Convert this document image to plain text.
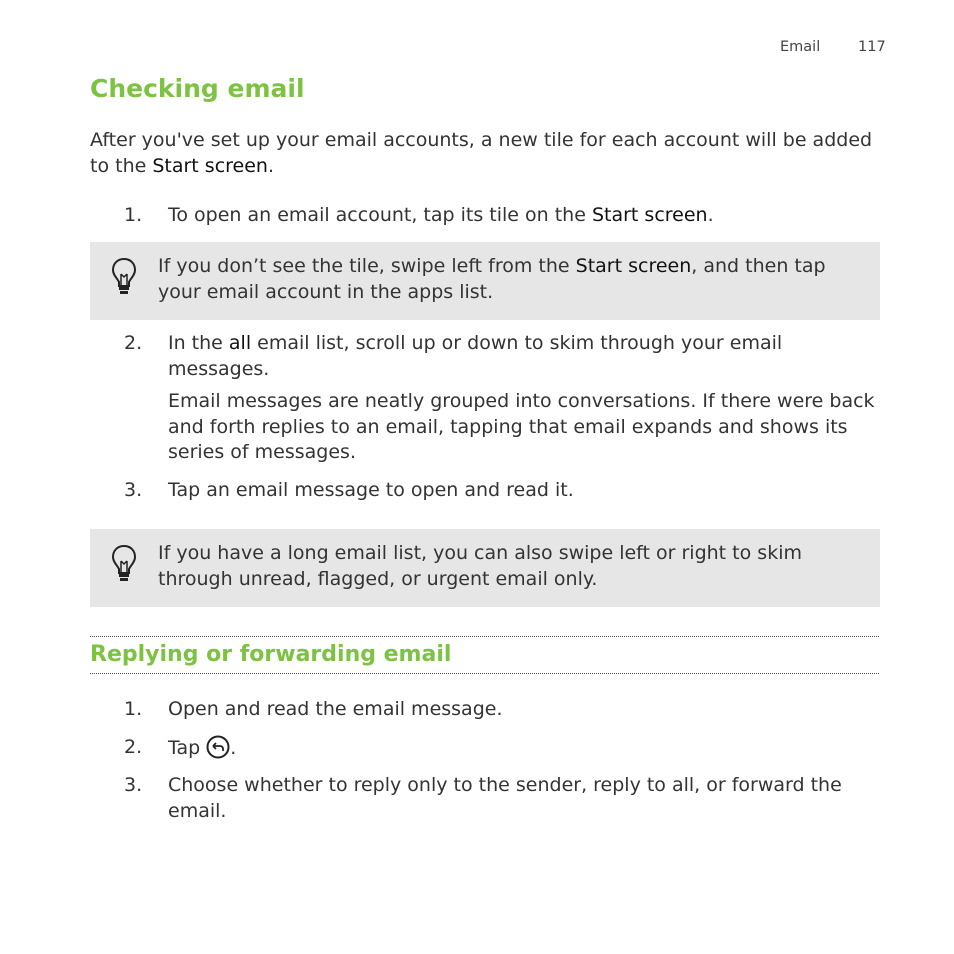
Email	117
Checking email

After you've set up your email accounts, a new tile for each account will be added to the Start screen.

1. To open an email account, tap its tile on the Start screen.
If you don’t see the tile, swipe left from the Start screen, and then tap your email account in the apps list.
2. In the all email list, scroll up or down to skim through your email messages.
Email messages are neatly grouped into conversations. If there were back and forth replies to an email, tapping that email expands and shows its series of messages.
3. Tap an email message to open and read it.
If you have a long email list, you can also swipe left or right to skim through unread, flagged, or urgent email only.
Replying or forwarding email
1. Open and read the email message.
2. Tap .
3. Choose whether to reply only to the sender, reply to all, or forward the email.
